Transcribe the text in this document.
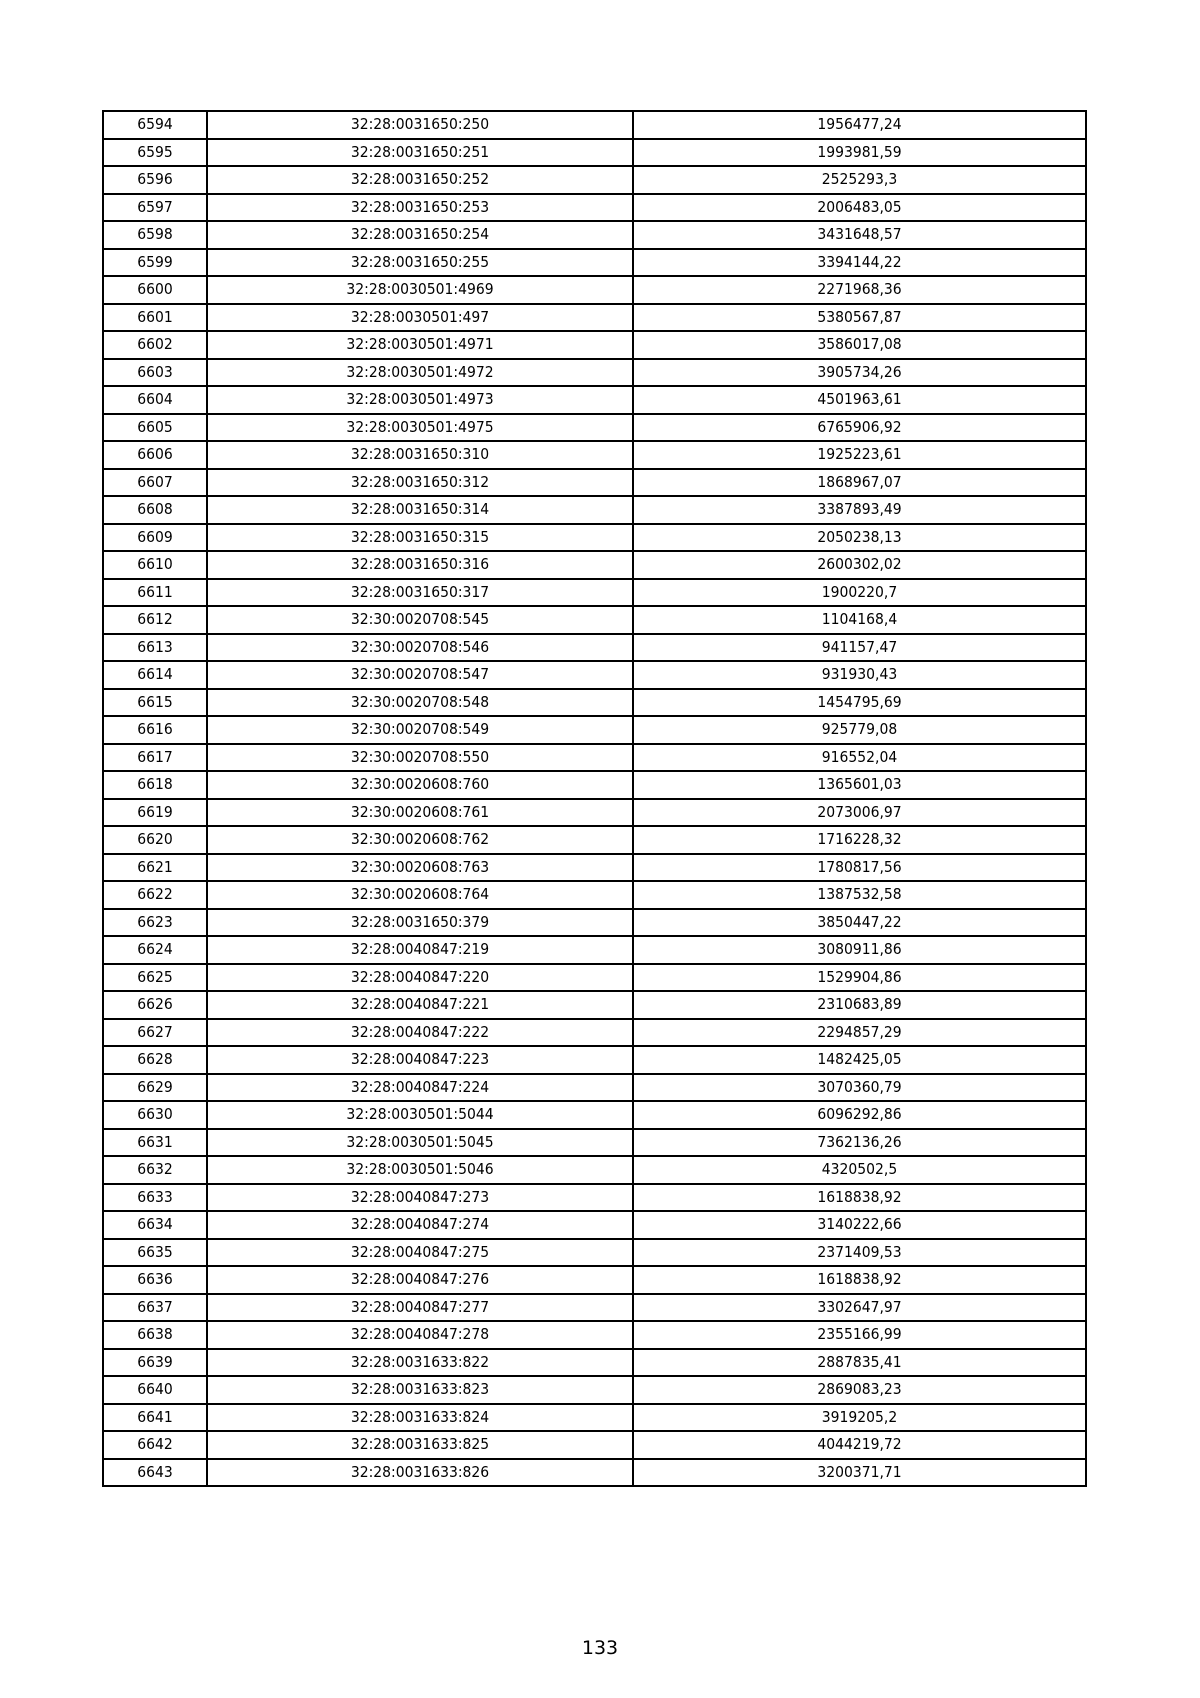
6594	32:28:0031650:250	1956477,24
6595	32:28:0031650:251	1993981,59
6596	32:28:0031650:252	2525293,3
6597	32:28:0031650:253	2006483,05
6598	32:28:0031650:254	3431648,57
6599	32:28:0031650:255	3394144,22
6600	32:28:0030501:4969	2271968,36
6601	32:28:0030501:497	5380567,87
6602	32:28:0030501:4971	3586017,08
6603	32:28:0030501:4972	3905734,26
6604	32:28:0030501:4973	4501963,61
6605	32:28:0030501:4975	6765906,92
6606	32:28:0031650:310	1925223,61
6607	32:28:0031650:312	1868967,07
6608	32:28:0031650:314	3387893,49
6609	32:28:0031650:315	2050238,13
6610	32:28:0031650:316	2600302,02
6611	32:28:0031650:317	1900220,7
6612	32:30:0020708:545	1104168,4
6613	32:30:0020708:546	941157,47
6614	32:30:0020708:547	931930,43
6615	32:30:0020708:548	1454795,69
6616	32:30:0020708:549	925779,08
6617	32:30:0020708:550	916552,04
6618	32:30:0020608:760	1365601,03
6619	32:30:0020608:761	2073006,97
6620	32:30:0020608:762	1716228,32
6621	32:30:0020608:763	1780817,56
6622	32:30:0020608:764	1387532,58
6623	32:28:0031650:379	3850447,22
6624	32:28:0040847:219	3080911,86
6625	32:28:0040847:220	1529904,86
6626	32:28:0040847:221	2310683,89
6627	32:28:0040847:222	2294857,29
6628	32:28:0040847:223	1482425,05
6629	32:28:0040847:224	3070360,79
6630	32:28:0030501:5044	6096292,86
6631	32:28:0030501:5045	7362136,26
6632	32:28:0030501:5046	4320502,5
6633	32:28:0040847:273	1618838,92
6634	32:28:0040847:274	3140222,66
6635	32:28:0040847:275	2371409,53
6636	32:28:0040847:276	1618838,92
6637	32:28:0040847:277	3302647,97
6638	32:28:0040847:278	2355166,99
6639	32:28:0031633:822	2887835,41
6640	32:28:0031633:823	2869083,23
6641	32:28:0031633:824	3919205,2
6642	32:28:0031633:825	4044219,72
6643	32:28:0031633:826	3200371,71
133
